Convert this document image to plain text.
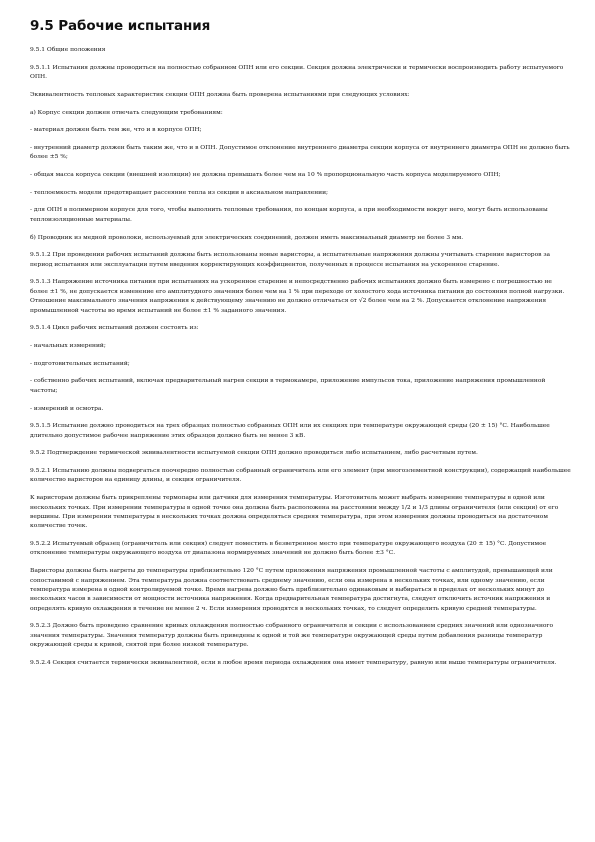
9.5 Рабочие испытания

9.5.1 Общие положения

9.5.1.1 Испытания должны проводиться на полностью собранном ОПН или его секции. Секция должна электрически и термически воспроизводить работу испытуемого ОПН.

Эквивалентность тепловых характеристик секции ОПН должна быть проверена испытаниями при следующих условиях:

а) Корпус секции должен отвечать следующим требованиям:

- материал должен быть тем же, что и в корпусе ОПН;

- внутренний диаметр должен быть таким же, что и в ОПН. Допустимое отклонение внутреннего диаметра секции корпуса от внутреннего диаметра ОПН не должно быть более ±5 %;

- общая масса корпуса секции (внешней изоляции) не должна превышать более чем на 10 % пропорциональную часть корпуса моделируемого ОПН;

- теплоемкость модели предотвращает рассеяние тепла из секции в аксиальном направлении;

- для ОПН в полимерном корпусе для того, чтобы выполнить тепловые требования, по концам корпуса, а при необходимости вокруг него, могут быть использованы теплоизоляционные материалы.

б) Проводник из медной проволоки, используемый для электрических соединений, должен иметь максимальный диаметр не более 3 мм.

9.5.1.2 При проведении рабочих испытаний должны быть использованы новые варисторы, а испытательные напряжения должны учитывать старение варисторов за период испытания или эксплуатации путем введения корректирующих коэффициентов, полученных в процессе испытания на ускоренное старение.

9.5.1.3 Напряжение источника питания при испытаниях на ускоренное старение и непосредственно рабочих испытаниях должно быть измерено с погрешностью не более ±1 %, не допускается изменение его амплитудного значения более чем на 1 % при переходе от холостого хода источника питания до состояния полной нагрузки. Отношение максимального значения напряжения к действующему значению не должно отличаться от √2 более чем на 2 %. Допускается отклонение напряжения промышленной частоты во время испытаний не более ±1 % заданного значения.

9.5.1.4 Цикл рабочих испытаний должен состоять из:

- начальных измерений;

- подготовительных испытаний;

- собственно рабочих испытаний, включая предварительный нагрев секции в термокамере, приложение импульсов тока, приложение напряжения промышленной частоты;

- измерений и осмотра.

9.5.1.5 Испытание должно проводиться на трех образцах полностью собранных ОПН или их секциях при температуре окружающей среды (20 ± 15) °С. Наибольшее длительно допустимое рабочее напряжение этих образцов должно быть не менее 3 кВ.

9.5.2 Подтверждение термической эквивалентности испытуемой секции ОПН должно проводиться либо испытанием, либо расчетным путем.

9.5.2.1 Испытанию должны подвергаться поочередно полностью собранный ограничитель или его элемент (при многоэлементной конструкции), содержащий наибольшее количество варисторов на единицу длины, и секция ограничителя.

К варисторам должны быть прикреплены термопары или датчики для измерения температуры. Изготовитель может выбрать измерение температуры в одной или нескольких точках. При измерении температуры в одной точке она должна быть расположена на расстоянии между 1/2 и 1/3 длины ограничителя (или секции) от его вершины. При измерении температуры в нескольких точках должна определяться средняя температура, при этом измерения должны проводиться на достаточном количестве точек.

9.5.2.2 Испытуемый образец (ограничитель или секция) следует поместить в безветренное место при температуре окружающего воздуха (20 ± 15) °С. Допустимое отклонение температуры окружающего воздуха от диапазона нормируемых значений не должно быть более ±3 °С.

Варисторы должны быть нагреты до температуры приблизительно 120 °С путем приложения напряжения промышленной частоты с амплитудой, превышающей или сопоставимой с напряжением. Эта температура должна соответствовать среднему значению, если она измерена в нескольких точках, или одному значению, если температура измерена в одной контролируемой точке. Время нагрева должно быть приблизительно одинаковым и выбираться в пределах от нескольких минут до нескольких часов в зависимости от мощности источника напряжения. Когда предварительная температура достигнута, следует отключить источник напряжения и определять кривую охлаждения в течение не менее 2 ч. Если измерения проводятся в нескольких точках, то следует определить кривую средней температуры.

9.5.2.3 Должно быть проведено сравнение кривых охлаждения полностью собранного ограничителя и секции с использованием средних значений или однозначного значения температуры. Значения температур должны быть приведены к одной и той же температуре окружающей среды путем добавления разницы температур окружающей среды к кривой, снятой при более низкой температуре.

9.5.2.4 Секция считается термически эквивалентной, если в любое время периода охлаждения она имеет температуру, равную или выше температуры ограничителя.
